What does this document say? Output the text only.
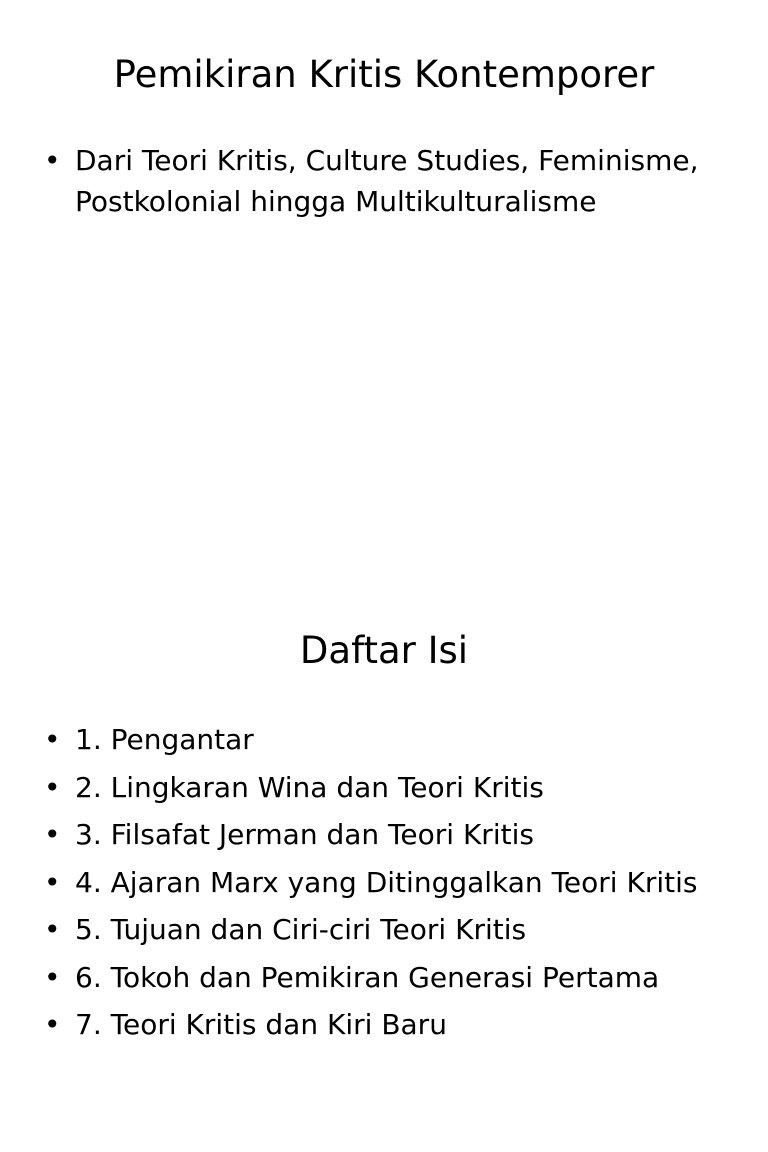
Pemikiran Kritis Kontemporer
• Dari Teori Kritis, Culture Studies, Feminisme, Postkolonial hingga Multikulturalisme
Daftar Isi
• 1. Pengantar
• 2. Lingkaran Wina dan Teori Kritis
• 3. Filsafat Jerman dan Teori Kritis
• 4. Ajaran Marx yang Ditinggalkan Teori Kritis
• 5. Tujuan dan Ciri-ciri Teori Kritis
• 6. Tokoh dan Pemikiran Generasi Pertama
• 7. Teori Kritis dan Kiri Baru
